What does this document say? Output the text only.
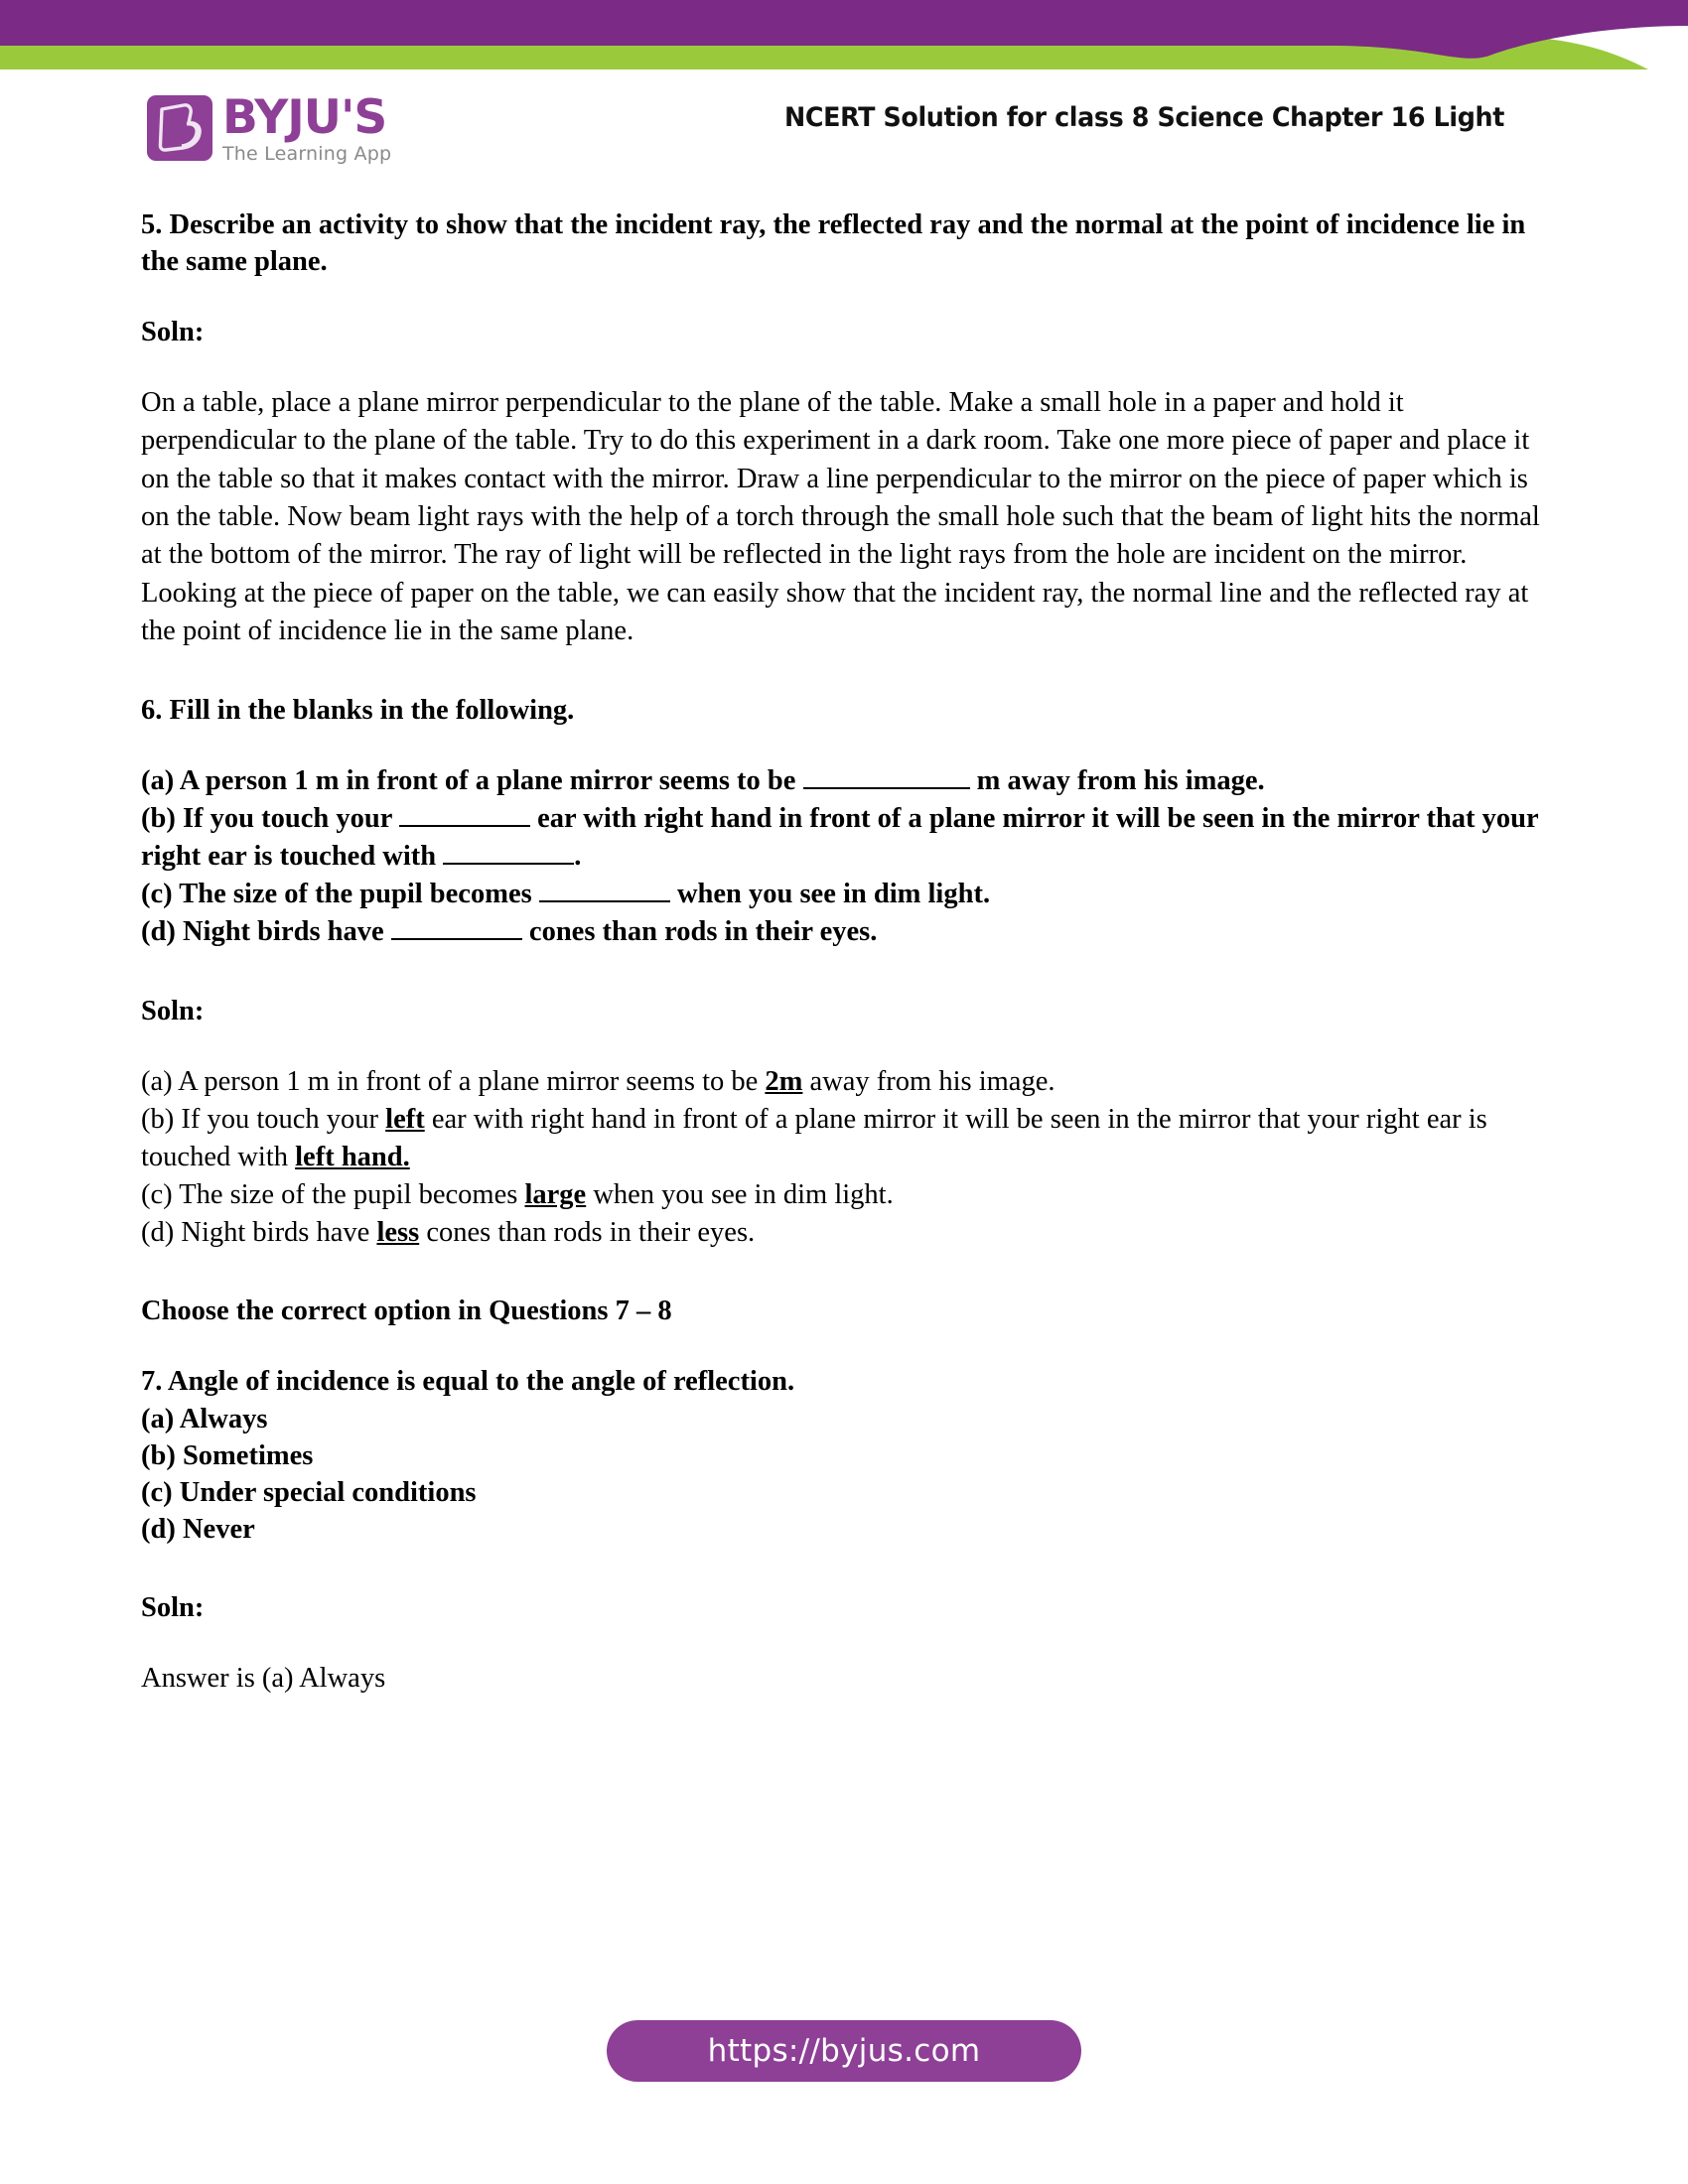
BYJU'S
The Learning App
NCERT Solution for class 8 Science Chapter 16 Light

5. Describe an activity to show that the incident ray, the reflected ray and the normal at the point of incidence lie in the same plane.

Soln:

On a table, place a plane mirror perpendicular to the plane of the table. Make a small hole in a paper and hold it perpendicular to the plane of the table. Try to do this experiment in a dark room. Take one more piece of paper and place it on the table so that it makes contact with the mirror. Draw a line perpendicular to the mirror on the piece of paper which is on the table. Now beam light rays with the help of a torch through the small hole such that the beam of light hits the normal at the bottom of the mirror. The ray of light will be reflected in the light rays from the hole are incident on the mirror. Looking at the piece of paper on the table, we can easily show that the incident ray, the normal line and the reflected ray at the point of incidence lie in the same plane.

6. Fill in the blanks in the following.

(a) A person 1 m in front of a plane mirror seems to be	m away from his image.

(b) If you touch your	ear with right hand in front of a plane mirror it will be seen in the mirror that your right ear is touched with	.

(c) The size of the pupil becomes	when you see in dim light.

(d) Night birds have	cones than rods in their eyes.

Soln:

(a) A person 1 m in front of a plane mirror seems to be 2m away from his image.

(b) If you touch your left ear with right hand in front of a plane mirror it will be seen in the mirror that your right ear is touched with left hand.

(c) The size of the pupil becomes large when you see in dim light.

(d) Night birds have less cones than rods in their eyes.

Choose the correct option in Questions 7 – 8

7. Angle of incidence is equal to the angle of reflection.

(a) Always

(b) Sometimes

(c) Under special conditions

(d) Never

Soln:

Answer is (a) Always

https://byjus.com
